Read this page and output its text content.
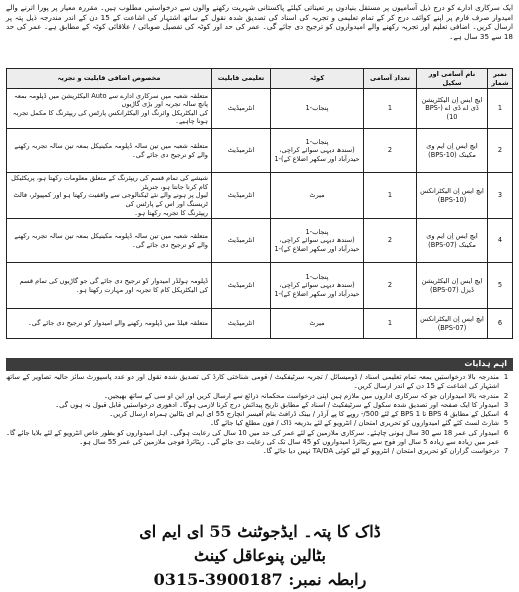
ایک سرکاری ادارے کو درج ذیل آسامیوں پر مستقل بنیادوں پر تعیناتی کیلئے پاکستانی شہریت رکھنے والوں سے درخواستیں مطلوب ہیں۔ مقررہ معیار پر پورا اترنے والے امیدوار صرف فارم پر اپنے کوائف درج کر کے تمام تعلیمی و تجربہ کی اسناد کی تصدیق شدہ نقول کے ساتھ اشتہار کی اشاعت کے 15 دن کے اندر مندرجہ ذیل پتہ پر ارسال کریں۔ اضافی تعلیم اور تجربہ رکھنے والے امیدواروں کو ترجیح دی جائے گی۔ عمر کی حد اور کوٹہ کی تفصیل صوبائی / علاقائی کوٹہ کے مطابق ہے۔ عمر کی حد 18 سے 35 سال ہے۔
نمبر شمار	نام آسامی اور سکیل	تعداد آسامی	کوٹہ	تعلیمی قابلیت	مخصوص اضافی قابلیت و تجربہ
1	ایچ ایس اِن الیکٹریشن ڈی اے ڈی اے (BPS-10)	1	پنجاب-1	انٹرمیڈیٹ	متعلقہ شعبہ میں سرکاری ادارے سے Auto الیکٹریشن میں ڈپلومہ بمعہ پانچ سالہ تجربہ اور بڑی گاڑیوں
کی الیکٹریکل وائرنگ اور الیکٹرانکس پارٹس کی ریپئرنگ کا مکمل تجربہ ہونا چاہیے۔

2	ایچ ایس اِن ایم وی مکینک (BPS-10)	2	پنجاب-1
(سندھ دیہی سوائے کراچی،
حیدرآباد اور سکھر اضلاع کے)-1	انٹرمیڈیٹ	متعلقہ شعبہ میں تین سالہ ڈپلومہ مکینیکل بمعہ تین سالہ تجربہ رکھنے والے کو ترجیح دی جائے گی۔

3	ایچ ایس اِن الیکٹرانکس (BPS-10)	1	میرٹ	انٹرمیڈیٹ	شیشے کی تمام قسم کی ریپئرنگ کے متعلق معلومات رکھتا ہو، پریکٹیکل کام کرنا جانتا ہو، جنریٹر
لیول پر ہونے والے نئے ٹیکنالوجی سے واقفیت رکھتا ہو اور کمپیوٹر، فالٹ ٹریسنگ اور اس کے پارٹس کی
ریپئرنگ کا تجربہ رکھتا ہو۔

4	ایچ ایس اِن ایم وی مکینک (BPS-07)	2	پنجاب-1
(سندھ دیہی سوائے کراچی،
حیدرآباد اور سکھر اضلاع کے)-1	انٹرمیڈیٹ	متعلقہ شعبہ میں تین سالہ ڈپلومہ مکینیکل بمعہ تین سالہ تجربہ رکھنے والے کو ترجیح دی جائے گی۔

5	ایچ ایس اِن الیکٹریشن ڈیزل (BPS-07)	2	پنجاب-1
(سندھ دیہی سوائے کراچی،
حیدرآباد اور سکھر اضلاع کے)-1	انٹرمیڈیٹ	ڈپلومہ ہولڈر امیدوار کو ترجیح دی جائے گی جو گاڑیوں کی تمام قسم کی الیکٹریکل کام کا تجربہ اور مہارت رکھتا ہو۔

6	ایچ ایس اِن الیکٹرانکس (BPS-07)	1	میرٹ	انٹرمیڈیٹ	متعلقہ فیلڈ میں ڈپلومہ رکھنے والے امیدوار کو ترجیح دی جائے گی۔
اہم ہدایات
1
مندرجہ بالا درخواستیں بمعہ تمام تعلیمی اسناد / ڈومیسائل / تجربہ سرٹیفکیٹ / قومی شناختی کارڈ کی تصدیق شدہ نقول اور دو عدد پاسپورٹ سائز حالیہ تصاویر کے ساتھ اشتہار کی اشاعت کے 15 دن کے اندر ارسال کریں۔
2
مندرجہ بالا امیدواران جو کہ سرکاری اداروں میں ملازم ہیں اپنی درخواست محکمانہ ذرائع سے ارسال کریں اور این او سی کے ساتھ بھیجیں۔
3
امیدوار کا ایک صفحہ اور تصدیق شدہ سکول کے سرٹیفکیٹ / اسناد کے مطابق تاریخ پیدائش درج کرنا لازمی ہوگا۔ ادھوری درخواستیں قابل قبول نہ ہوں گی۔
4
اسکیل کے مطابق BPS 4 تا BPS 1 کے لئے 500/- روپے کا پے آرڈر / بینک ڈرافٹ بنام آفیسر انچارج 55 ای ایم ای بٹالین ہمراہ ارسال کریں۔
5
شارٹ لسٹ کئے گئے امیدواروں کو تحریری امتحان / انٹرویو کے لئے بذریعہ ڈاک / فون مطلع کیا جائے گا۔
6
امیدوار کی عمر 18 سے 30 سال ہونی چاہئے۔ سرکاری ملازمین کے لئے عمر کی حد میں 10 سال کی رعایت ہوگی۔ اہل امیدواروں کو بطور خاص انٹرویو کے لئے بلایا جائے گا۔ عمر میں زیادہ سے زیادہ 5 سال اور فوج سے ریٹائرڈ امیدواروں کو 45 سال تک کی رعایت دی جائے گی۔ ریٹائرڈ فوجی ملازمین کی عمر 55 سال ہو۔
7
درخواست گزاران کو تحریری امتحان / انٹرویو کے لئے کوئی TA/DA نہیں دیا جائے گا۔
ڈاک کا پتہ۔ ایڈجوٹنٹ 55 ای ایم ای بٹالین پنوعاقل کینٹ
رابطہ نمبر: 3900187-0315
